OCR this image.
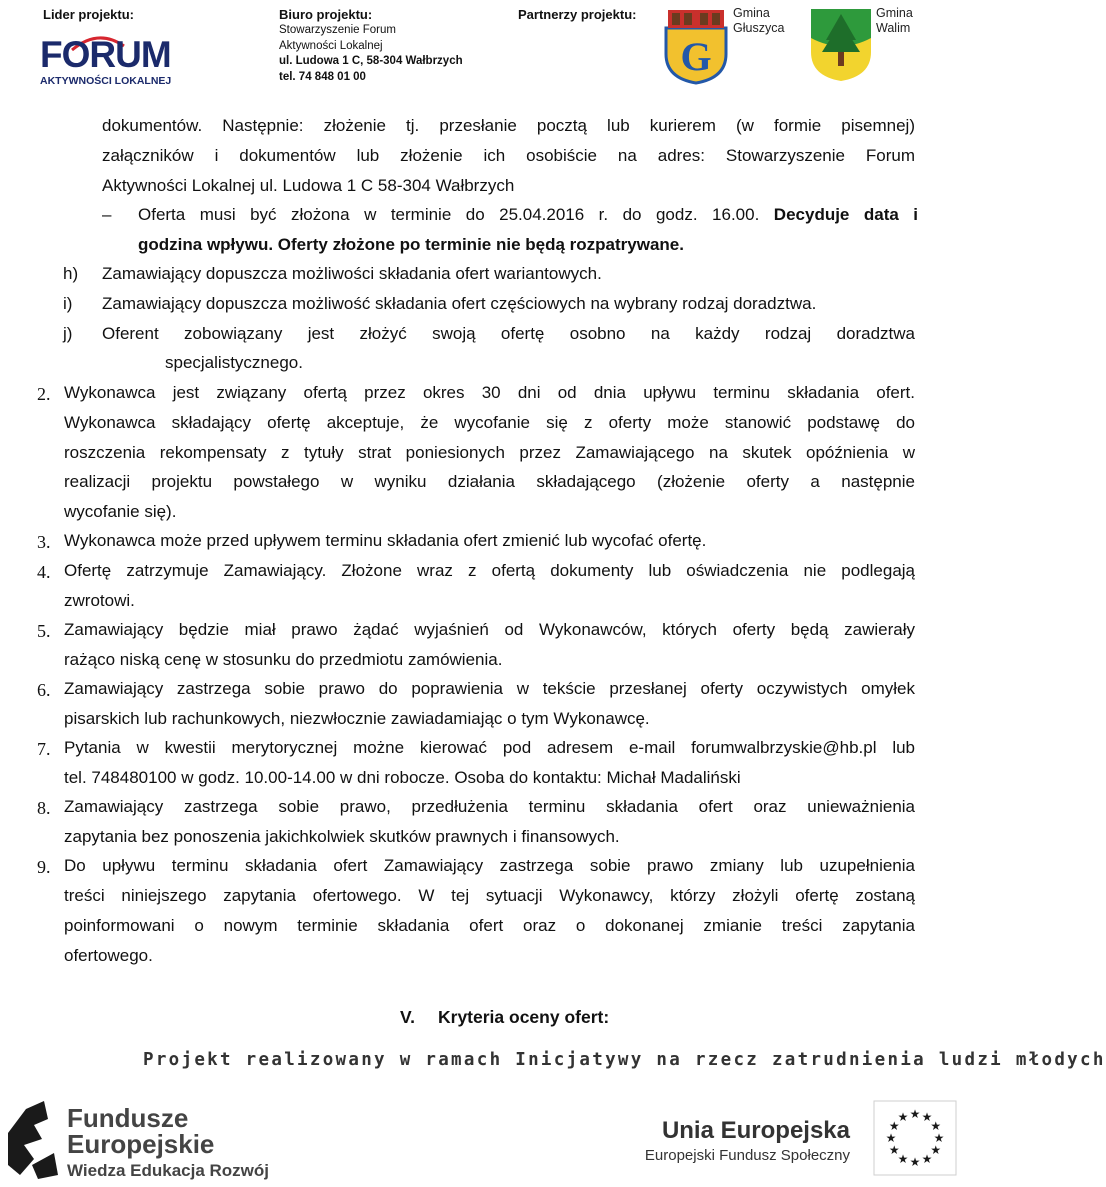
Lider projektu:
FORUM
AKTYWNOŚCI LOKALNEJ
Biuro projektu:
Stowarzyszenie Forum
Aktywności Lokalnej
ul. Ludowa 1 C, 58-304 Wałbrzych
tel. 74 848 01 00
Partnerzy projektu:
G
Gmina
Głuszyca
Gmina
Walim
dokumentów. Następnie: złożenie tj. przesłanie pocztą lub kurierem (w formie pisemnej)
załączników i dokumentów lub złożenie ich osobiście na adres: Stowarzyszenie Forum
Aktywności Lokalnej ul. Ludowa 1 C 58-304 Wałbrzych
– Oferta musi być złożona w terminie do 25.04.2016 r. do godz. 16.00. Decyduje data i
godzina wpływu. Oferty złożone po terminie nie będą rozpatrywane.
h) Zamawiający dopuszcza możliwości składania ofert wariantowych.
i) Zamawiający dopuszcza możliwość składania ofert częściowych na wybrany rodzaj doradztwa.
j) Oferent zobowiązany jest złożyć swoją ofertę osobno na każdy rodzaj doradztwa
specjalistycznego.
2. Wykonawca jest związany ofertą przez okres 30 dni od dnia upływu terminu składania ofert.
Wykonawca składający ofertę akceptuje, że wycofanie się z oferty może stanowić podstawę do
roszczenia rekompensaty z tytuły strat poniesionych przez Zamawiającego na skutek opóźnienia w
realizacji projektu powstałego w wyniku działania składającego (złożenie oferty a następnie
wycofanie się).
3. Wykonawca może przed upływem terminu składania ofert zmienić lub wycofać ofertę.
4. Ofertę zatrzymuje Zamawiający. Złożone wraz z ofertą dokumenty lub oświadczenia nie podlegają
zwrotowi.
5. Zamawiający będzie miał prawo żądać wyjaśnień od Wykonawców, których oferty będą zawierały
rażąco niską cenę w stosunku do przedmiotu zamówienia.
6. Zamawiający zastrzega sobie prawo do poprawienia w tekście przesłanej oferty oczywistych omyłek
pisarskich lub rachunkowych, niezwłocznie zawiadamiając o tym Wykonawcę.
7. Pytania w kwestii merytorycznej możne kierować pod adresem e-mail forumwalbrzyskie@hb.pl lub
tel. 748480100 w godz. 10.00-14.00 w dni robocze. Osoba do kontaktu: Michał Madaliński
8. Zamawiający zastrzega sobie prawo, przedłużenia terminu składania ofert oraz unieważnienia
zapytania bez ponoszenia jakichkolwiek skutków prawnych i finansowych.
9. Do upływu terminu składania ofert Zamawiający zastrzega sobie prawo zmiany lub uzupełnienia
treści niniejszego zapytania ofertowego. W tej sytuacji Wykonawcy, którzy złożyli ofertę zostaną
poinformowani o nowym terminie składania ofert oraz o dokonanej zmianie treści zapytania
ofertowego.
V. Kryteria oceny ofert:
Projekt realizowany w ramach Inicjatywy na rzecz zatrudnienia ludzi młodych
Fundusze
Europejskie
Wiedza Edukacja Rozwój
Unia Europejska
Europejski Fundusz Społeczny
★ ★
★
★
★
★
★
★
★
★
★
★
